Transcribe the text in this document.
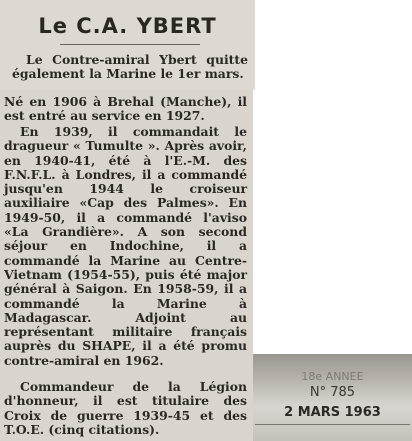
Le C.A. YBERT

Le Contre-amiral Ybert quitte également la Marine le 1er mars.

Né en 1906 à Brehal (Manche), il est entré au service en 1927.

En 1939, il commandait le dragueur « Tumulte ». Après avoir, en 1940-41, été à l'E.-M. des F.N.F.L. à Londres, il a commandé jusqu'en 1944 le croiseur auxiliaire «Cap des Palmes». En 1949-50, il a commandé l'aviso «La Grandière». A son second séjour en Indochine, il a commandé la Marine au Centre-Vietnam (1954-55), puis été major général à Saigon. En 1958-59, il a commandé la Marine à Madagascar. Adjoint au représentant militaire français auprès du SHAPE, il a été promu contre-amiral en 1962.

Commandeur de la Légion d'honneur, il est titulaire des Croix de guerre 1939-45 et des T.O.E. (cinq citations).

18e ANNEE
N° 785
2 MARS 1963
